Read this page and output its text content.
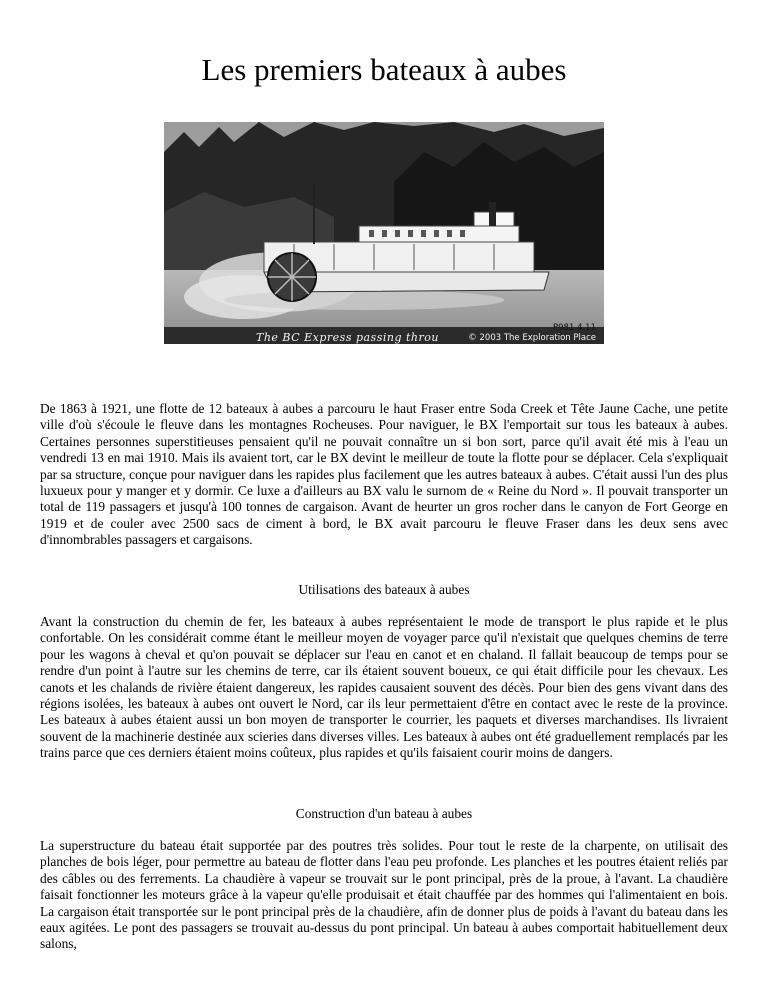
Les premiers bateaux à aubes
The BC Express passing throu
P981.4.11
© 2003 The Exploration Place

De 1863 à 1921, une flotte de 12 bateaux à aubes a parcouru le haut Fraser entre Soda Creek et Tête Jaune Cache, une petite ville d'où s'écoule le fleuve dans les montagnes Rocheuses. Pour naviguer, le BX l'emportait sur tous les bateaux à aubes. Certaines personnes superstitieuses pensaient qu'il ne pouvait connaître un si bon sort, parce qu'il avait été mis à l'eau un vendredi 13 en mai 1910. Mais ils avaient tort, car le BX devint le meilleur de toute la flotte pour se déplacer. Cela s'expliquait par sa structure, conçue pour naviguer dans les rapides plus facilement que les autres bateaux à aubes. C'était aussi l'un des plus luxueux pour y manger et y dormir. Ce luxe a d'ailleurs au BX valu le surnom de « Reine du Nord ». Il pouvait transporter un total de 119 passagers et jusqu'à 100 tonnes de cargaison. Avant de heurter un gros rocher dans le canyon de Fort George en 1919 et de couler avec 2500 sacs de ciment à bord, le BX avait parcouru le fleuve Fraser dans les deux sens avec d'innombrables passagers et cargaisons.

Utilisations des bateaux à aubes

Avant la construction du chemin de fer, les bateaux à aubes représentaient le mode de transport le plus rapide et le plus confortable. On les considérait comme étant le meilleur moyen de voyager parce qu'il n'existait que quelques chemins de terre pour les wagons à cheval et qu'on pouvait se déplacer sur l'eau en canot et en chaland. Il fallait beaucoup de temps pour se rendre d'un point à l'autre sur les chemins de terre, car ils étaient souvent boueux, ce qui était difficile pour les chevaux. Les canots et les chalands de rivière étaient dangereux, les rapides causaient souvent des décès. Pour bien des gens vivant dans des régions isolées, les bateaux à aubes ont ouvert le Nord, car ils leur permettaient d'être en contact avec le reste de la province. Les bateaux à aubes étaient aussi un bon moyen de transporter le courrier, les paquets et diverses marchandises. Ils livraient souvent de la machinerie destinée aux scieries dans diverses villes. Les bateaux à aubes ont été graduellement remplacés par les trains parce que ces derniers étaient moins coûteux, plus rapides et qu'ils faisaient courir moins de dangers.

Construction d'un bateau à aubes

La superstructure du bateau était supportée par des poutres très solides. Pour tout le reste de la charpente, on utilisait des planches de bois léger, pour permettre au bateau de flotter dans l'eau peu profonde. Les planches et les poutres étaient reliés par des câbles ou des ferrements. La chaudière à vapeur se trouvait sur le pont principal, près de la proue, à l'avant. La chaudière faisait fonctionner les moteurs grâce à la vapeur qu'elle produisait et était chauffée par des hommes qui l'alimentaient en bois. La cargaison était transportée sur le pont principal près de la chaudière, afin de donner plus de poids à l'avant du bateau dans les eaux agitées. Le pont des passagers se trouvait au-dessus du pont principal. Un bateau à aubes comportait habituellement deux salons,
